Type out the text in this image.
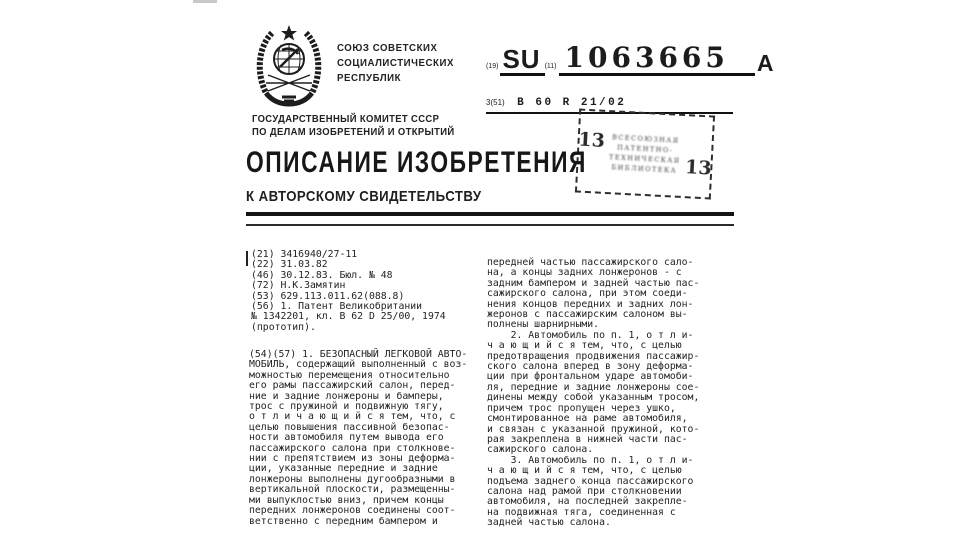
СОЮЗ СОВЕТСКИХ
СОЦИАЛИСТИЧЕСКИХ
РЕСПУБЛИК
(19) SU (11) 1063665	A
3(51) B 60 R 21/02
ГОСУДАРСТВЕННЫЙ КОМИТЕТ СССР
ПО ДЕЛАМ ИЗОБРЕТЕНИЙ И ОТКРЫТИЙ	13 ВСЕСОЮЗНАЯ
ПАТЕНТНО-
ТЕХНИЧЕСКАЯ
БИБЛИОТЕКА 13
ОПИСАНИЕ ИЗОБРЕТЕНИЯ
К АВТОРСКОМУ СВИДЕТЕЛЬСТВУ
(21) 3416940/27-11
(22) 31.03.82
(46) 30.12.83. Бюл. № 48
(72) Н.К.Замятин
(53) 629.113.011.62(088.8)
(56) 1. Патент Великобритании
№ 1342201, кл. В 62 D 25/00, 1974
(прототип).
(54)(57) 1. БЕЗОПАСНЫЙ ЛЕГКОВОЙ АВТО-
МОБИЛЬ, содержащий выполненный с воз-
можностью перемещения относительно
его рамы пассажирский салон, перед-
ние и задние лонжероны и бамперы,
трос с пружиной и подвижную тягу,
о т л и ч а ю щ и й с я тем, что, с
целью повышения пассивной безопас-
ности автомобиля путем вывода его
пассажирского салона при столкнове-
нии с препятствием из зоны деформа-
ции, указанные передние и задние
лонжероны выполнены дугообразными в
вертикальной плоскости, размещенны-
ми выпуклостью вниз, причем концы
передних лонжеронов соединены соот-
ветственно с передним бампером и
передней частью пассажирского сало-
на, а концы задних лонжеронов - с
задним бампером и задней частью пас-
сажирского салона, при этом соеди-
нения концов передних и задних лон-
жеронов с пассажирским салоном вы-
полнены шарнирными.
2. Автомобиль по п. 1, о т л и-
ч а ю щ и й с я тем, что, с целью
предотвращения продвижения пассажир-
ского салона вперед в зону деформа-
ции при фронтальном ударе автомоби-
ля, передние и задние лонжероны сое-
динены между собой указанным тросом,
причем трос пропущен через ушко,
смонтированное на раме автомобиля,
и связан с указанной пружиной, кото-
рая закреплена в нижней части пас-
сажирского салона.
3. Автомобиль по п. 1, о т л и-
ч а ю щ и й с я тем, что, с целью
подъема заднего конца пассажирского
салона над рамой при столкновении
автомобиля, на последней закрепле-
на подвижная тяга, соединенная с
задней частью салона.
